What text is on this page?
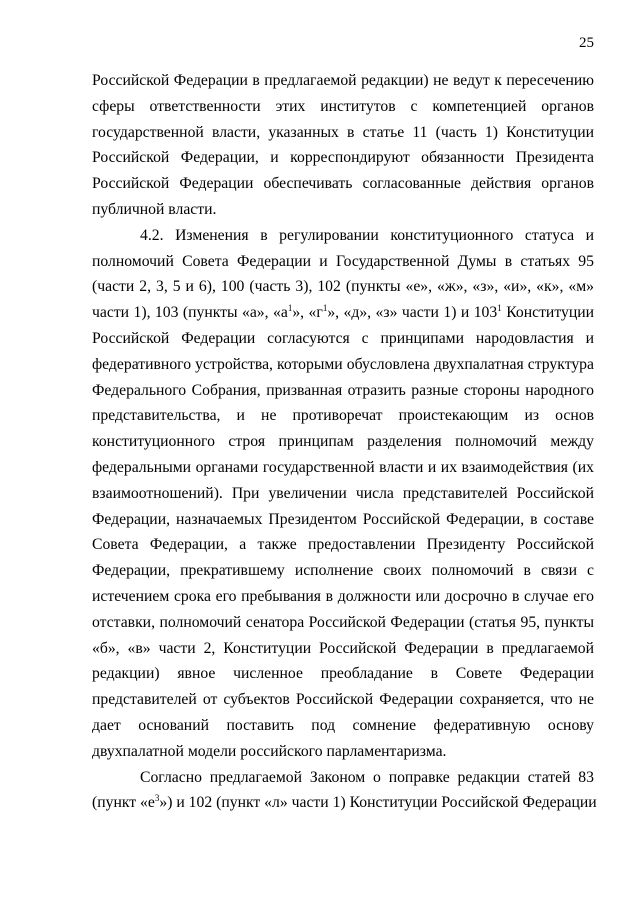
25
Российской Федерации в предлагаемой редакции) не ведут к пересечению
сферы ответственности этих институтов с компетенцией органов
государственной власти, указанных в статье 11 (часть 1) Конституции
Российской Федерации, и корреспондируют обязанности Президента
Российской Федерации обеспечивать согласованные действия органов
публичной власти.
4.2. Изменения в регулировании конституционного статуса и
полномочий Совета Федерации и Государственной Думы в статьях 95
(части 2, 3, 5 и 6), 100 (часть 3), 102 (пункты «е», «ж», «з», «и», «к», «м»
части 1), 103 (пункты «а», «$а^1$», «$г^1$», «д», «з» части 1) и $103^1$ Конституции
Российской Федерации согласуются с принципами народовластия и
федеративного устройства, которыми обусловлена двухпалатная структура
Федерального Собрания, призванная отразить разные стороны народного
представительства, и не противоречат проистекающим из основ
конституционного строя принципам разделения полномочий между
федеральными органами государственной власти и их взаимодействия (их
взаимоотношений). При увеличении числа представителей Российской
Федерации, назначаемых Президентом Российской Федерации, в составе
Совета Федерации, а также предоставлении Президенту Российской
Федерации, прекратившему исполнение своих полномочий в связи с
истечением срока его пребывания в должности или досрочно в случае его
отставки, полномочий сенатора Российской Федерации (статья 95, пункты
«б», «в» части 2, Конституции Российской Федерации в предлагаемой
редакции) явное численное преобладание в Совете Федерации
представителей от субъектов Российской Федерации сохраняется, что не
дает оснований поставить под сомнение федеративную основу
двухпалатной модели российского парламентаризма.
Согласно предлагаемой Законом о поправке редакции статей 83
(пункт «$е^3$») и 102 (пункт «л» части 1) Конституции Российской Федерации
